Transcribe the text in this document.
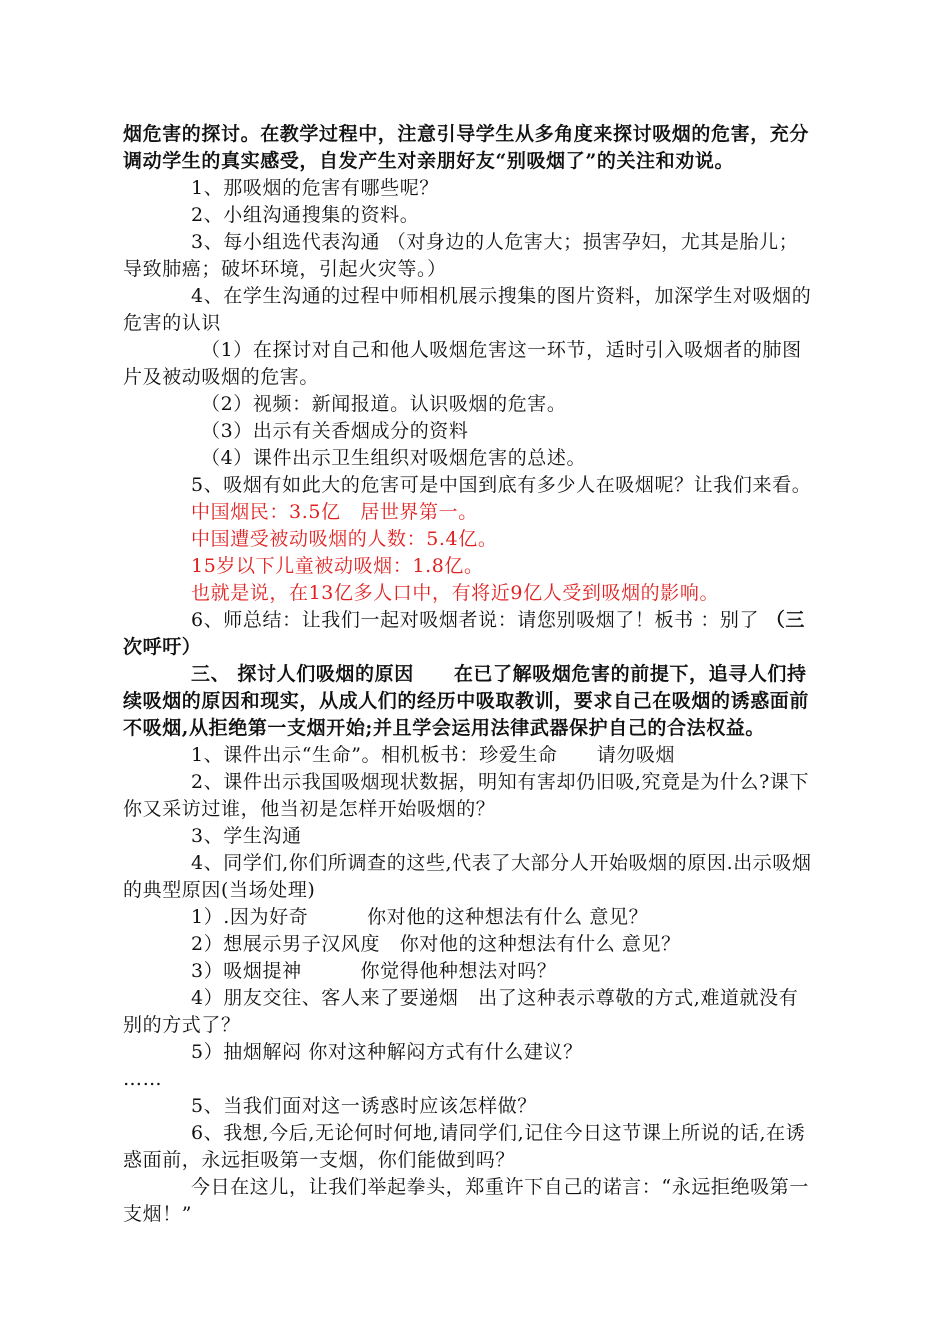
烟危害的探讨。在教学过程中，注意引导学生从多角度来探讨吸烟的危害，充分调动学生的真实感受，自发产生对亲朋好友“别吸烟了”的关注和劝说。

1、那吸烟的危害有哪些呢？

2、小组沟通搜集的资料。

3、每小组选代表沟通 （对身边的人危害大；损害孕妇，尤其是胎儿；导致肺癌；破坏环境，引起火灾等。）

4、在学生沟通的过程中师相机展示搜集的图片资料，加深学生对吸烟的危害的认识

（1）在探讨对自己和他人吸烟危害这一环节，适时引入吸烟者的肺图片及被动吸烟的危害。

（2）视频：新闻报道。认识吸烟的危害。

（3）出示有关香烟成分的资料

（4）课件出示卫生组织对吸烟危害的总述。

5、吸烟有如此大的危害可是中国到底有多少人在吸烟呢？让我们来看。

中国烟民：3.5亿　居世界第一。

中国遭受被动吸烟的人数：5.4亿。

15岁以下儿童被动吸烟：1.8亿。

也就是说，在13亿多人口中，有将近9亿人受到吸烟的影响。

6、师总结：让我们一起对吸烟者说：请您别吸烟了！板书 ：别了 （三次呼吁）

三、 探讨人们吸烟的原因 在已了解吸烟危害的前提下，追寻人们持续吸烟的原因和现实，从成人们的经历中吸取教训，要求自己在吸烟的诱惑面前不吸烟,从拒绝第一支烟开始;并且学会运用法律武器保护自己的合法权益。

1、课件出示“生命”。相机板书：珍爱生命　　请勿吸烟

2、课件出示我国吸烟现状数据，明知有害却仍旧吸,究竟是为什么?课下你又采访过谁，他当初是怎样开始吸烟的？

3、学生沟通

4、同学们,你们所调查的这些,代表了大部分人开始吸烟的原因.出示吸烟的典型原因(当场处理)

1）.因为好奇　　　你对他的这种想法有什么 意见？

2）想展示男子汉风度　你对他的这种想法有什么 意见？

3）吸烟提神　　　你觉得他种想法对吗？

4）朋友交往、客人来了要递烟　出了这种表示尊敬的方式,难道就没有别的方式了？

5）抽烟解闷 你对这种解闷方式有什么建议？

……

5、当我们面对这一诱惑时应该怎样做？

6、我想,今后,无论何时何地,请同学们,记住今日这节课上所说的话,在诱惑面前，永远拒吸第一支烟，你们能做到吗？

今日在这儿，让我们举起拳头，郑重许下自己的诺言：“永远拒绝吸第一支烟！”
